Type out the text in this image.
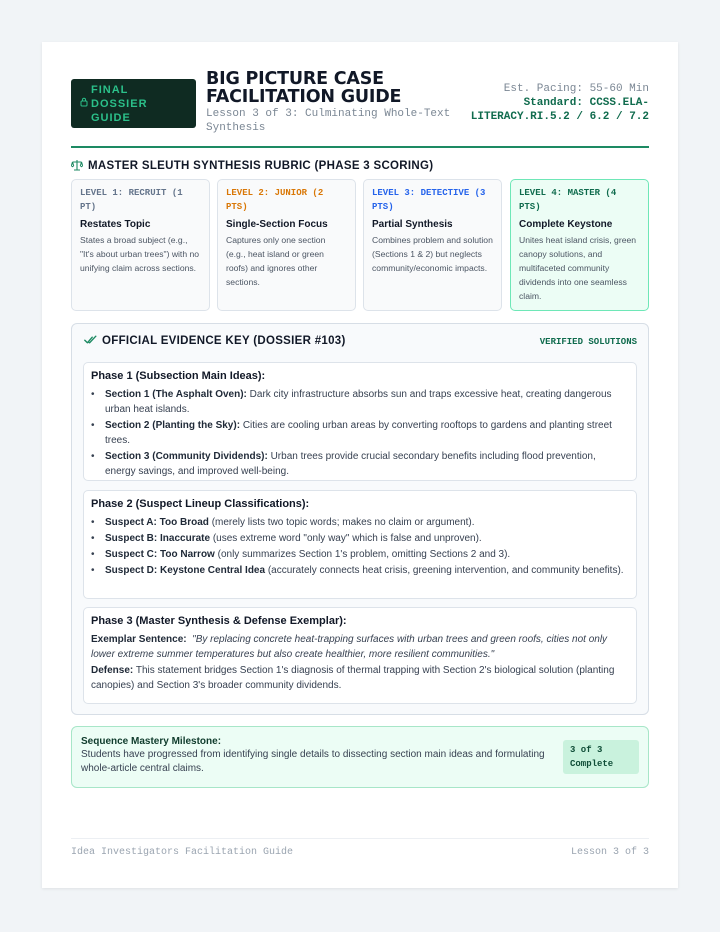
FINAL
DOSSIER
GUIDE
BIG PICTURE CASE
FACILITATION GUIDE
Lesson 3 of 3: Culminating Whole-Text Synthesis
Est. Pacing: 55-60 Min
Standard: CCSS.ELA-
LITERACY.RI.5.2 / 6.2 / 7.2
MASTER SLEUTH SYNTHESIS RUBRIC (PHASE 3 SCORING)
LEVEL 1: RECRUIT (1 PT)
Restates Topic
States a broad subject (e.g., "It's about urban trees") with no unifying claim across sections.
LEVEL 2: JUNIOR (2 PTS)
Single-Section Focus
Captures only one section (e.g., heat island or green roofs) and ignores other sections.
LEVEL 3: DETECTIVE (3 PTS)
Partial Synthesis
Combines problem and solution (Sections 1 & 2) but neglects community/economic impacts.
LEVEL 4: MASTER (4 PTS)
Complete Keystone
Unites heat island crisis, green canopy solutions, and multifaceted community dividends into one seamless claim.
OFFICIAL EVIDENCE KEY (DOSSIER #103)	VERIFIED SOLUTIONS
Phase 1 (Subsection Main Ideas):
• Section 1 (The Asphalt Oven): Dark city infrastructure absorbs sun and traps excessive heat, creating dangerous urban heat islands.
• Section 2 (Planting the Sky): Cities are cooling urban areas by converting rooftops to gardens and planting street trees.
• Section 3 (Community Dividends): Urban trees provide crucial secondary benefits including flood prevention, energy savings, and improved well-being.
Phase 2 (Suspect Lineup Classifications):
• Suspect A: Too Broad (merely lists two topic words; makes no claim or argument).
• Suspect B: Inaccurate (uses extreme word "only way" which is false and unproven).
• Suspect C: Too Narrow (only summarizes Section 1's problem, omitting Sections 2 and 3).
• Suspect D: Keystone Central Idea (accurately connects heat crisis, greening intervention, and community benefits).
Phase 3 (Master Synthesis & Defense Exemplar):

Exemplar Sentence: "By replacing concrete heat-trapping surfaces with urban trees and green roofs, cities not only lower extreme summer temperatures but also create healthier, more resilient communities."

Defense: This statement bridges Section 1's diagnosis of thermal trapping with Section 2's biological solution (planting canopies) and Section 3's broader community dividends.

Sequence Mastery Milestone:
Students have progressed from identifying single details to dissecting section main ideas and formulating whole-article central claims.
3 of 3
Complete
Idea Investigators Facilitation Guide	Lesson 3 of 3
